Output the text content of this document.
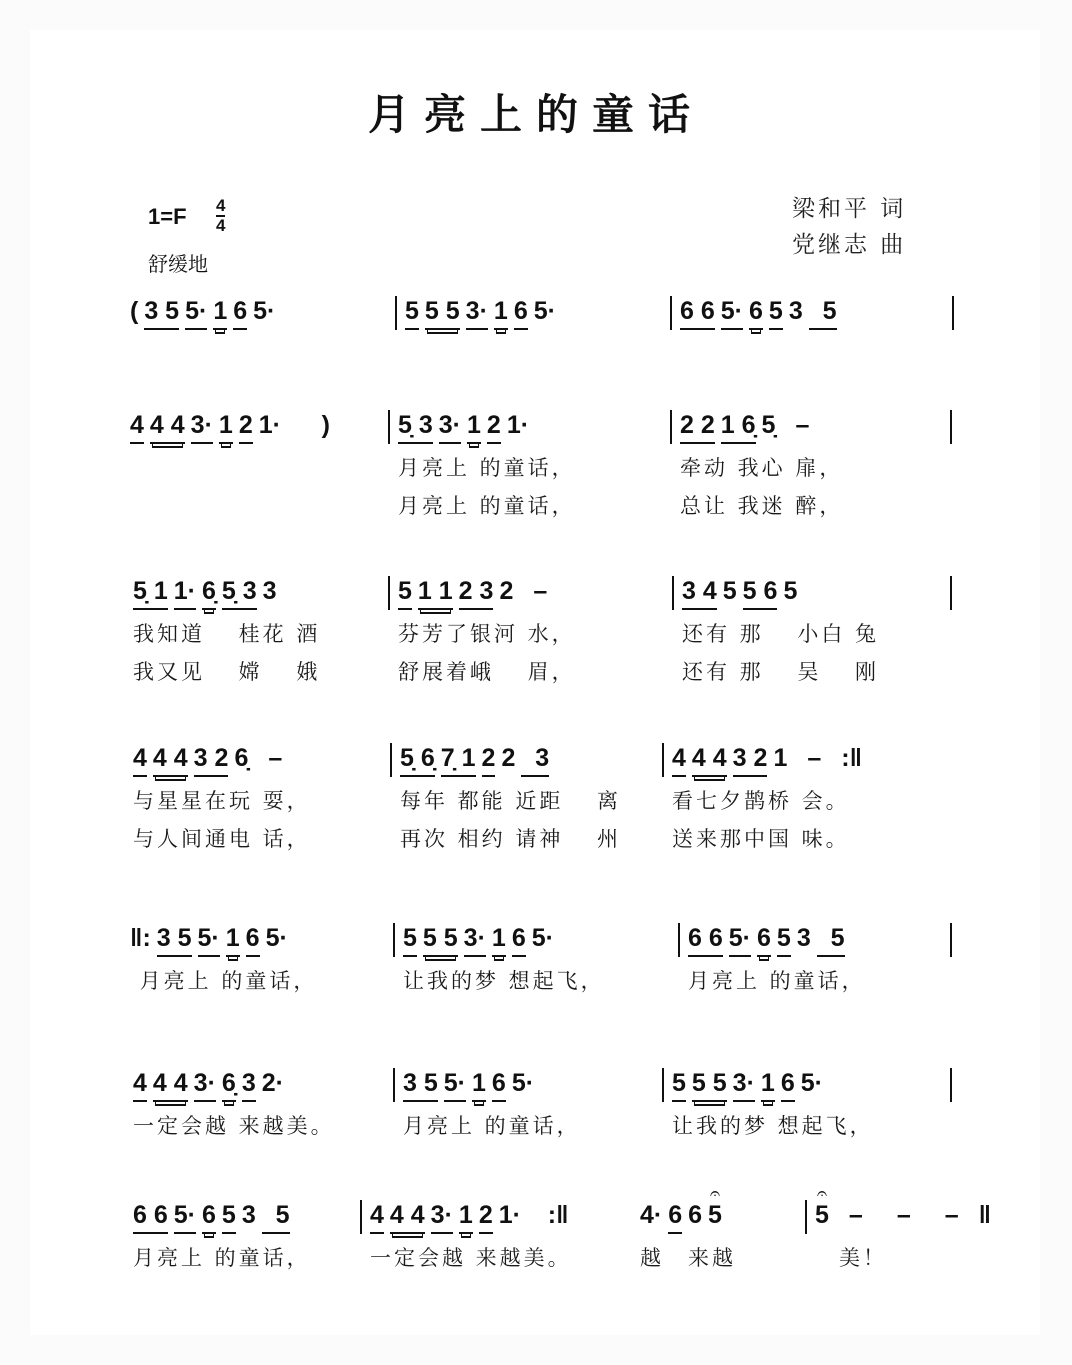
月亮上的童话
1=F 4
4
舒缓地
梁和平 词
党继志 曲
( 3 5 5· 1 6 5·	5 5 5 3· 1 6 5·	6 6 5· 6 5 3 5
4 4 4 3· 1 2 1· )	5̣ 3 3· 1 2 1·
月亮上 的童话，
月亮上 的童话，
2 2 1 6̣ 5̣ –
牵动 我心 扉，
总让 我迷 醉，
5̣ 1 1· 6̣ 5̣ 3 3
我知道　 桂花 酒
我又见　 嫦　 娥
5 1 1 2 3 2 –
芬芳了银河 水，
舒展着峨　 眉，
3 4 5 5 6 5
还有 那　 小白 兔
还有 那　 吴　 刚
4 4 4 3 2 6̣ –
与星星在玩 耍，
与人间通电 话，
5̣ 6̣ 7̣ 1 2 2 3
每年 都能 近距　 离
再次 相约 请神　 州
4 4 4 3 2 1 – :‖
看七夕鹊桥 会。
送来那中国 味。
‖: 3 5 5· 1 6 5·
月亮上 的童话，
5 5 5 3· 1 6 5·
让我的梦 想起飞，
6 6 5· 6 5 3 5
月亮上 的童话，
4 4 4 3· 6̣ 3 2·
一定会越 来越美。
3 5 5· 1 6 5·
月亮上 的童话，
5 5 5 3· 1 6 5·
让我的梦 想起飞，
6 6 5· 6 5 3 5
月亮上 的童话，
4 4 4 3· 1 2 1· :‖
一定会越 来越美。
4· 6 6 5
𝄐
越　来越
5
𝄐
–	–	– ‖
　美！
